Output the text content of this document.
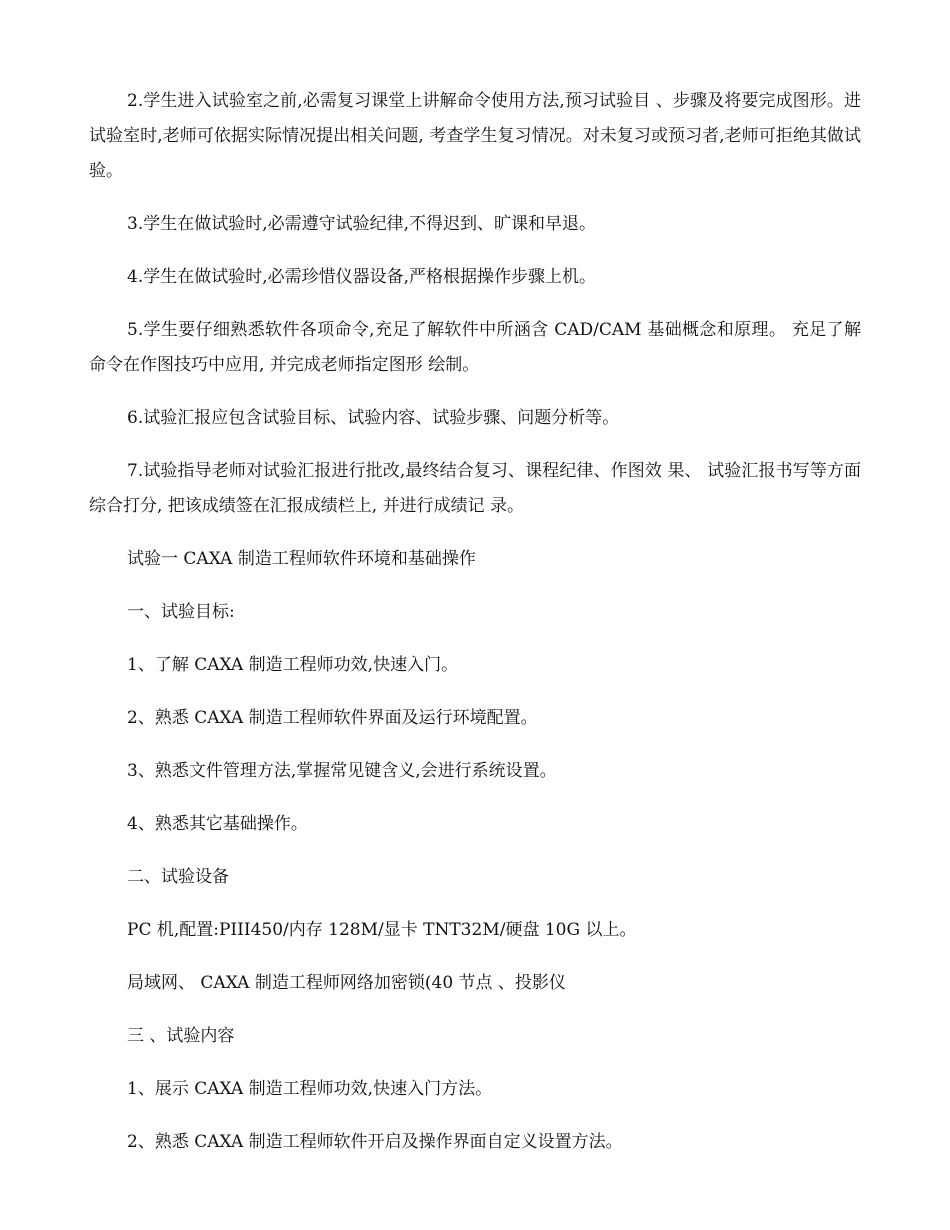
2.学生进入试验室之前,必需复习课堂上讲解命令使用方法,预习试验目 、步骤及将要完成图形。进试验室时,老师可依据实际情况提出相关问题, 考查学生复习情况。对未复习或预习者,老师可拒绝其做试验。

3.学生在做试验时,必需遵守试验纪律,不得迟到、旷课和早退。

4.学生在做试验时,必需珍惜仪器设备,严格根据操作步骤上机。

5.学生要仔细熟悉软件各项命令,充足了解软件中所涵含 CAD/CAM 基础概念和原理。 充足了解命令在作图技巧中应用, 并完成老师指定图形 绘制。

6.试验汇报应包含试验目标、试验内容、试验步骤、问题分析等。

7.试验指导老师对试验汇报进行批改,最终结合复习、课程纪律、作图效 果、 试验汇报书写等方面综合打分, 把该成绩签在汇报成绩栏上, 并进行成绩记 录。

试验一 CAXA 制造工程师软件环境和基础操作

一、试验目标:

1、了解 CAXA 制造工程师功效,快速入门。

2、熟悉 CAXA 制造工程师软件界面及运行环境配置。

3、熟悉文件管理方法,掌握常见键含义,会进行系统设置。

4、熟悉其它基础操作。

二、试验设备

PC 机,配置:PIII450/内存 128M/显卡 TNT32M/硬盘 10G 以上。

局域网、 CAXA 制造工程师网络加密锁(40 节点 、投影仪

三 、试验内容

1、展示 CAXA 制造工程师功效,快速入门方法。

2、熟悉 CAXA 制造工程师软件开启及操作界面自定义设置方法。
